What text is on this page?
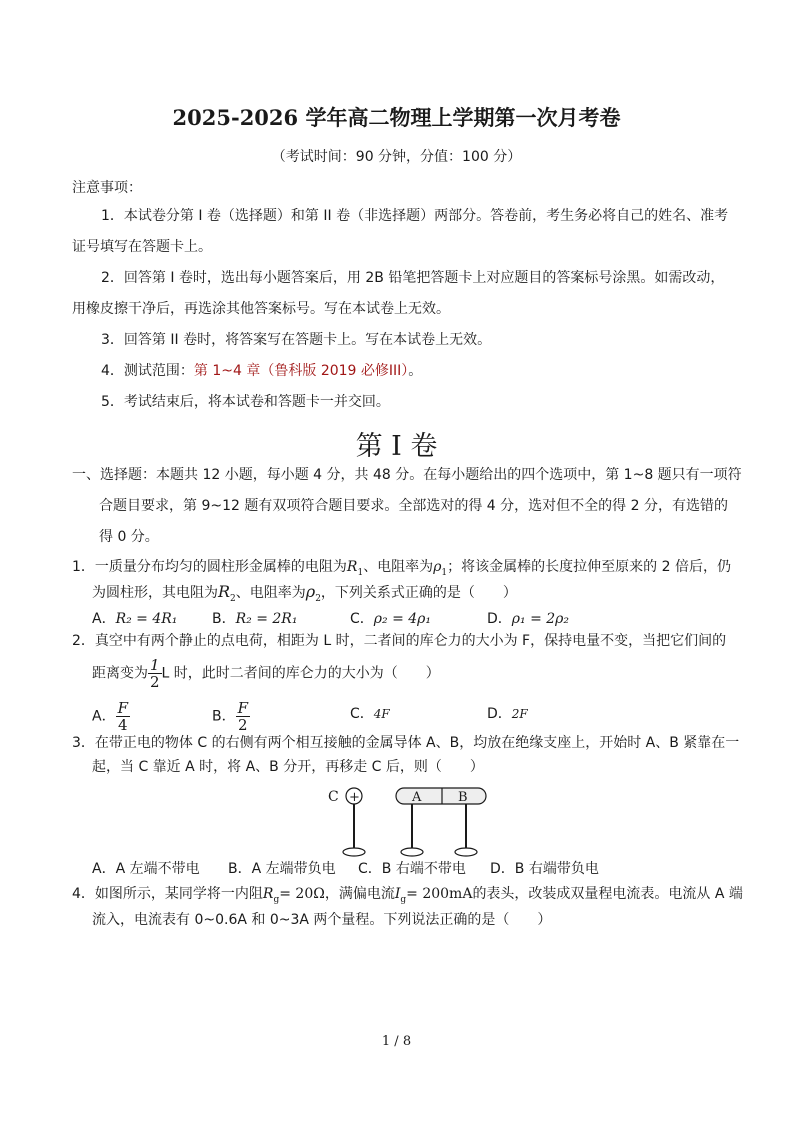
2025-2026 学年高二物理上学期第一次月考卷
（考试时间：90 分钟，分值：100 分）
注意事项：
1．本试卷分第 I 卷（选择题）和第 II 卷（非选择题）两部分。答卷前，考生务必将自己的姓名、准考
证号填写在答题卡上。
2．回答第 I 卷时，选出每小题答案后，用 2B 铅笔把答题卡上对应题目的答案标号涂黑。如需改动，
用橡皮擦干净后，再选涂其他答案标号。写在本试卷上无效。
3．回答第 II 卷时，将答案写在答题卡上。写在本试卷上无效。
4．测试范围：第 1~4 章（鲁科版 2019 必修III）。
5．考试结束后，将本试卷和答题卡一并交回。
第 I 卷
一、选择题：本题共 12 小题，每小题 4 分，共 48 分。在每小题给出的四个选项中，第 1~8 题只有一项符
合题目要求，第 9~12 题有双项符合题目要求。全部选对的得 4 分，选对但不全的得 2 分，有选错的
得 0 分。
1．一质量分布均匀的圆柱形金属棒的电阻为$R_1$、电阻率为$\rho_1$；将该金属棒的长度拉伸至原来的 2 倍后，仍
为圆柱形，其电阻为$R_2$、电阻率为$\rho_2$，下列关系式正确的是（　　）
A．R₂ = 4R₁ B．R₂ = 2R₁	C．ρ₂ = 4ρ₁	D．ρ₁ = 2ρ₂
2．真空中有两个静止的点电荷，相距为 L 时，二者间的库仑力的大小为 F，保持电量不变，当把它们间的
距离变为 $\frac{1}{2}$ L 时，此时二者间的库仑力的大小为（　　）
A． $\frac{F}{4}$	B． $\frac{F}{2}$	C．4F	D．2F
3．在带正电的物体 C 的右侧有两个相互接触的金属导体 A、B，均放在绝缘支座上，开始时 A、B 紧靠在一
起，当 C 靠近 A 时，将 A、B 分开，再移走 C 后，则（　　）
C +	A	B
A．A 左端不带电 B．A 左端带负电 C．B 右端不带电 D．B 右端带负电
4．如图所示，某同学将一内阻$R_g= 20\Omega$，满偏电流$I_g= 200mA$的表头，改装成双量程电流表。电流从 A 端
流入，电流表有 0~0.6A 和 0~3A 两个量程。下列说法正确的是（　　）
1 / 8
